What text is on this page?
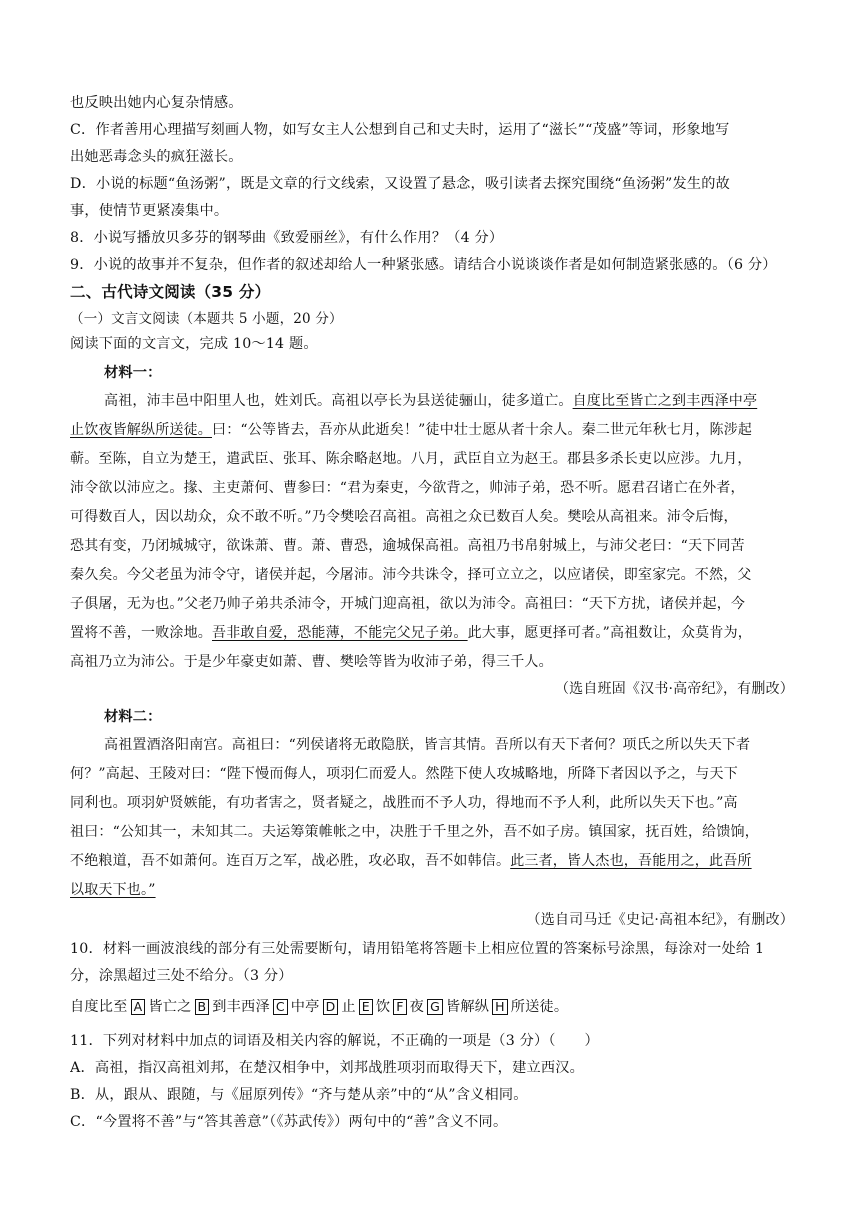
也反映出她内心复杂情感。
C．作者善用心理描写刻画人物，如写女主人公想到自己和丈夫时，运用了“滋长”“茂盛”等词，形象地写
出她恶毒念头的疯狂滋长。
D．小说的标题“鱼汤粥”，既是文章的行文线索，又设置了悬念，吸引读者去探究围绕“鱼汤粥”发生的故
事，使情节更紧凑集中。
8．小说写播放贝多芬的钢琴曲《致爱丽丝》，有什么作用？（4 分）
9．小说的故事并不复杂，但作者的叙述却给人一种紧张感。请结合小说谈谈作者是如何制造紧张感的。（6 分）
二、古代诗文阅读（35 分）
（一）文言文阅读（本题共 5 小题，20 分）
阅读下面的文言文，完成 10～14 题。
材料一：
高祖，沛丰邑中阳里人也，姓刘氏。高祖以亭长为县送徒骊山，徒多道亡。自度比至皆亡之到丰西泽中亭
止饮夜皆解纵所送徒。曰：“公等皆去，吾亦从此逝矣！”徒中壮士愿从者十余人。秦二世元年秋七月，陈涉起
蕲。至陈，自立为楚王，遣武臣、张耳、陈余略赵地。八月，武臣自立为赵王。郡县多杀长吏以应涉。九月，
沛令欲以沛应之。掾、主吏萧何、曹参曰：“君为秦吏，今欲背之，帅沛子弟，恐不听。愿君召诸亡在外者，
可得数百人，因以劫众，众不敢不听。”乃令樊哙召高祖。高祖之众已数百人矣。樊哙从高祖来。沛令后悔，
恐其有变，乃闭城城守，欲诛萧、曹。萧、曹恐，逾城保高祖。高祖乃书帛射城上，与沛父老曰：“天下同苦
秦久矣。今父老虽为沛令守，诸侯并起，今屠沛。沛今共诛令，择可立立之，以应诸侯，即室家完。不然，父
子俱屠，无为也。”父老乃帅子弟共杀沛令，开城门迎高祖，欲以为沛令。高祖曰：“天下方扰，诸侯并起，今
置将不善，一败涂地。吾非敢自爱，恐能薄，不能完父兄子弟。此大事，愿更择可者。”高祖数让，众莫肯为，
高祖乃立为沛公。于是少年豪吏如萧、曹、樊哙等皆为收沛子弟，得三千人。
（选自班固《汉书·高帝纪》，有删改）
材料二：
高祖置酒洛阳南宫。高祖曰：“列侯诸将无敢隐朕，皆言其情。吾所以有天下者何？项氏之所以失天下者
何？”高起、王陵对曰：“陛下慢而侮人，项羽仁而爱人。然陛下使人攻城略地，所降下者因以予之，与天下
同利也。项羽妒贤嫉能，有功者害之，贤者疑之，战胜而不予人功，得地而不予人利，此所以失天下也。”高
祖曰：“公知其一，未知其二。夫运筹策帷帐之中，决胜于千里之外，吾不如子房。镇国家，抚百姓，给馈饷，
不绝粮道，吾不如萧何。连百万之军，战必胜，攻必取，吾不如韩信。此三者，皆人杰也，吾能用之，此吾所
以取天下也。”
（选自司马迁《史记·高祖本纪》，有删改）
10．材料一画波浪线的部分有三处需要断句，请用铅笔将答题卡上相应位置的答案标号涂黑，每涂对一处给 1
分，涂黑超过三处不给分。（3 分）
自度比至 A 皆亡之 B 到丰西泽 C 中亭 D 止 E 饮 F 夜 G 皆解纵 H 所送徒。
11．下列对材料中加点的词语及相关内容的解说，不正确的一项是（3 分）（　　）
A．高祖，指汉高祖刘邦，在楚汉相争中，刘邦战胜项羽而取得天下，建立西汉。
B．从，跟从、跟随，与《屈原列传》“齐与楚从亲”中的“从”含义相同。
C．“今置将不善”与“答其善意”（《苏武传》）两句中的“善”含义不同。
